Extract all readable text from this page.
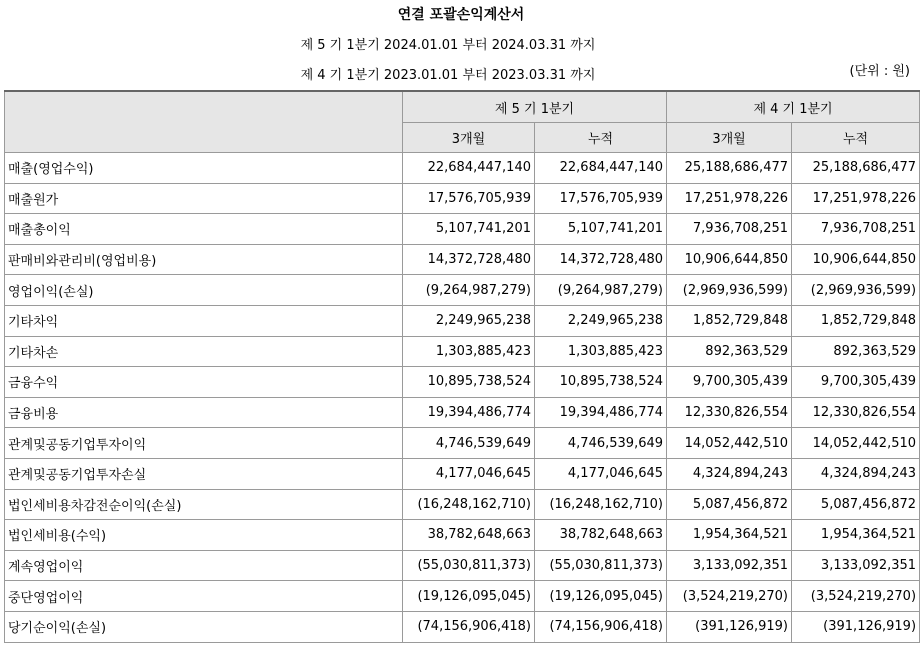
연결 포괄손익계산서
제 5 기 1분기 2024.01.01 부터 2024.03.31 까지
제 4 기 1분기 2023.01.01 부터 2023.03.31 까지	(단위 : 원)
	제 5 기 1분기		제 4 기 1분기	
	3개월	누적	3개월	누적
매출(영업수익)	22,684,447,140	22,684,447,140	25,188,686,477	25,188,686,477
매출원가	17,576,705,939	17,576,705,939	17,251,978,226	17,251,978,226
매출총이익	5,107,741,201	5,107,741,201	7,936,708,251	7,936,708,251
판매비와관리비(영업비용)	14,372,728,480	14,372,728,480	10,906,644,850	10,906,644,850
영업이익(손실)	(9,264,987,279)	(9,264,987,279)	(2,969,936,599)	(2,969,936,599)
기타차익	2,249,965,238	2,249,965,238	1,852,729,848	1,852,729,848
기타차손	1,303,885,423	1,303,885,423	892,363,529	892,363,529
금융수익	10,895,738,524	10,895,738,524	9,700,305,439	9,700,305,439
금융비용	19,394,486,774	19,394,486,774	12,330,826,554	12,330,826,554
관계및공동기업투자이익	4,746,539,649	4,746,539,649	14,052,442,510	14,052,442,510
관계및공동기업투자손실	4,177,046,645	4,177,046,645	4,324,894,243	4,324,894,243
법인세비용차감전순이익(손실)	(16,248,162,710)	(16,248,162,710)	5,087,456,872	5,087,456,872
법인세비용(수익)	38,782,648,663	38,782,648,663	1,954,364,521	1,954,364,521
계속영업이익	(55,030,811,373)	(55,030,811,373)	3,133,092,351	3,133,092,351
중단영업이익	(19,126,095,045)	(19,126,095,045)	(3,524,219,270)	(3,524,219,270)
당기순이익(손실)	(74,156,906,418)	(74,156,906,418)	(391,126,919)	(391,126,919)
